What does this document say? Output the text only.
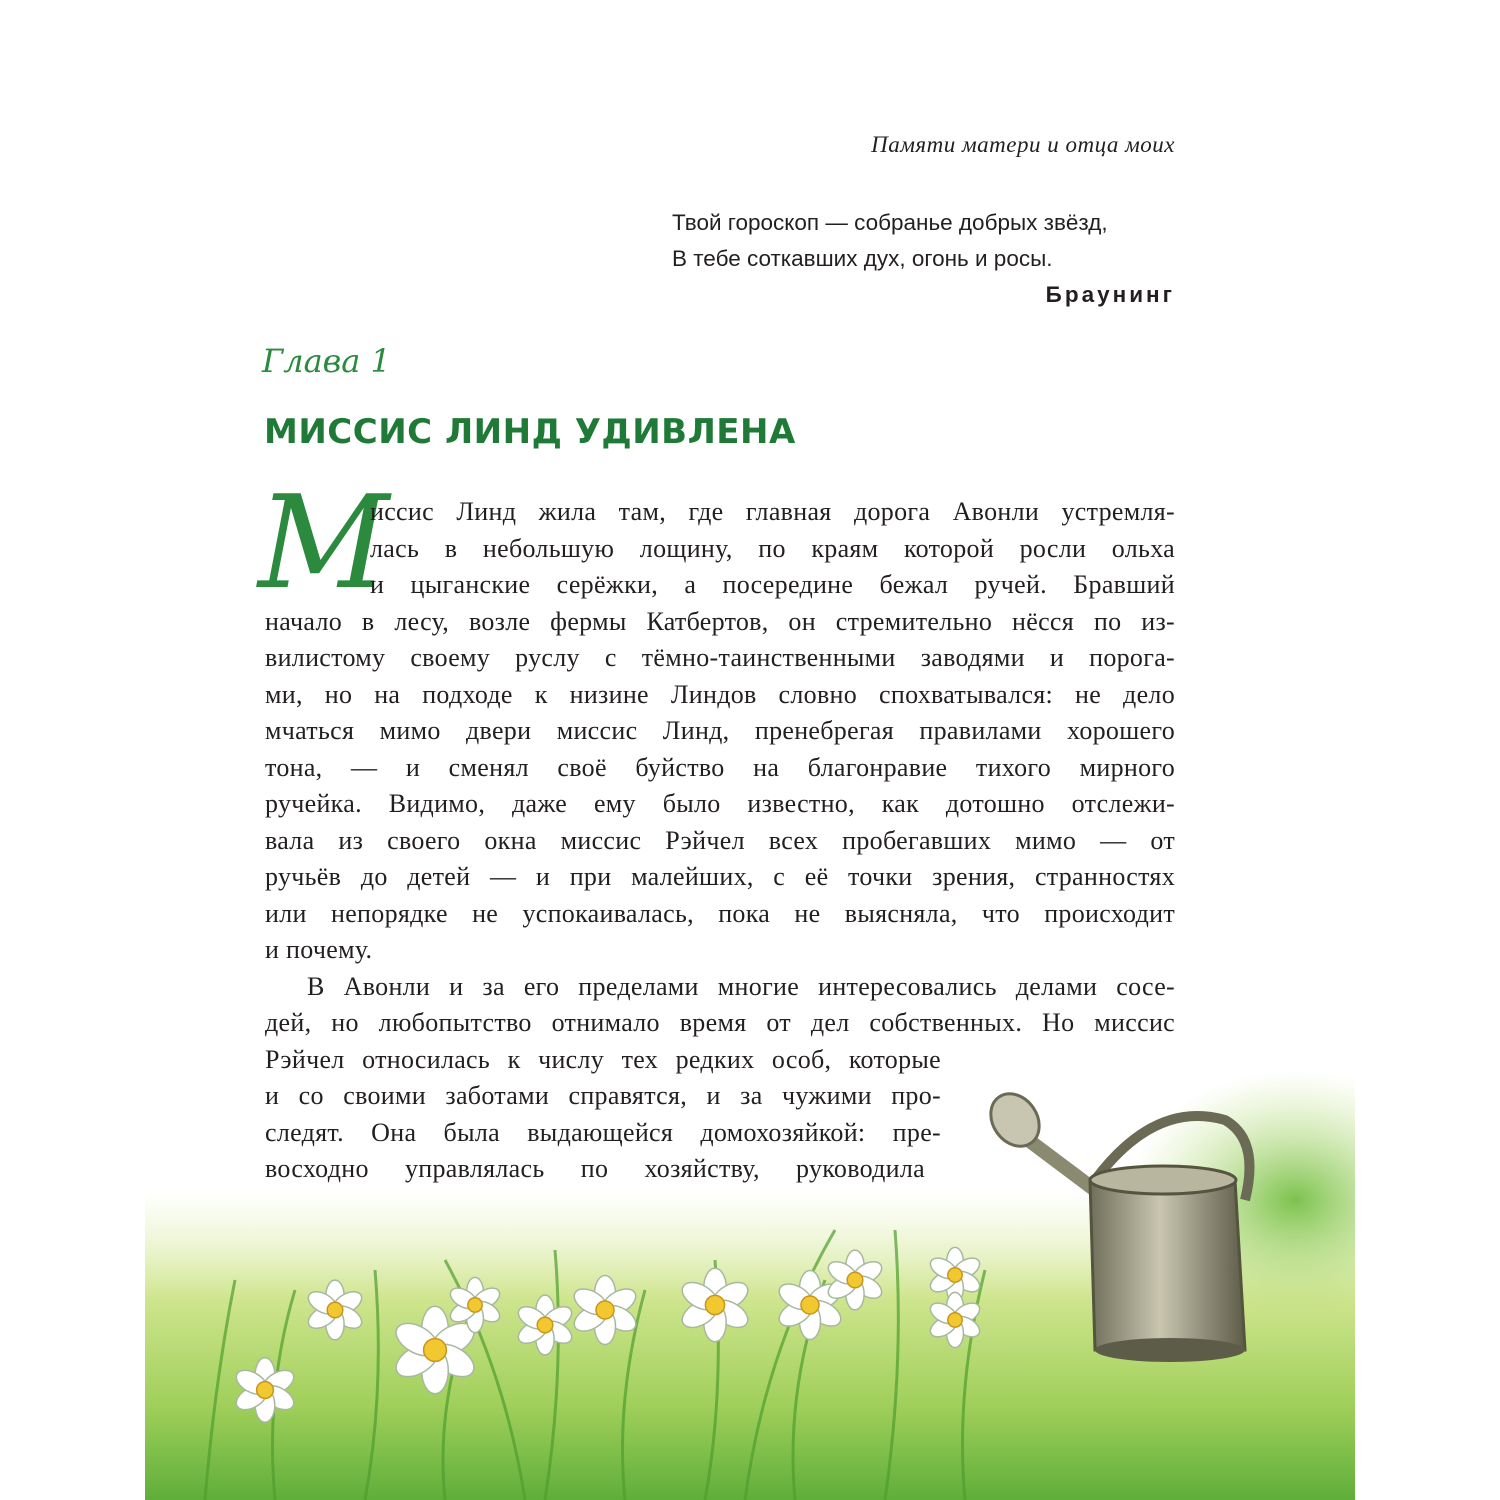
Памяти матери и отца моих
Твой гороскоп — собранье добрых звёзд,
В тебе соткавших дух, огонь и росы.
Браунинг
Глава 1
МИССИС ЛИНД УДИВЛЕНА
М
иссис Линд жила там, где главная дорога Авонли устремля-
лась в небольшую лощину, по краям которой росли ольха
и цыганские серёжки, а посередине бежал ручей. Бравший
начало в лесу, возле фермы Катбертов, он стремительно нёсся по из-
вилистому своему руслу с тёмно-таинственными заводями и порога-
ми, но на подходе к низине Линдов словно спохватывался: не дело
мчаться мимо двери миссис Линд, пренебрегая правилами хорошего
тона, — и сменял своё буйство на благонравие тихого мирного
ручейка. Видимо, даже ему было известно, как дотошно отслежи-
вала из своего окна миссис Рэйчел всех пробегавших мимо — от
ручьёв до детей — и при малейших, с её точки зрения, странностях
или непорядке не успокаивалась, пока не выясняла, что происходит
и почему.
В Авонли и за его пределами многие интересовались делами сосе-
дей, но любопытство отнимало время от дел собственных. Но миссис
Рэйчел относилась к числу тех редких особ, которые
и со своими заботами справятся, и за чужими про-
следят. Она была выдающейся домохозяйкой: пре-
восходно управлялась по хозяйству, руководила
